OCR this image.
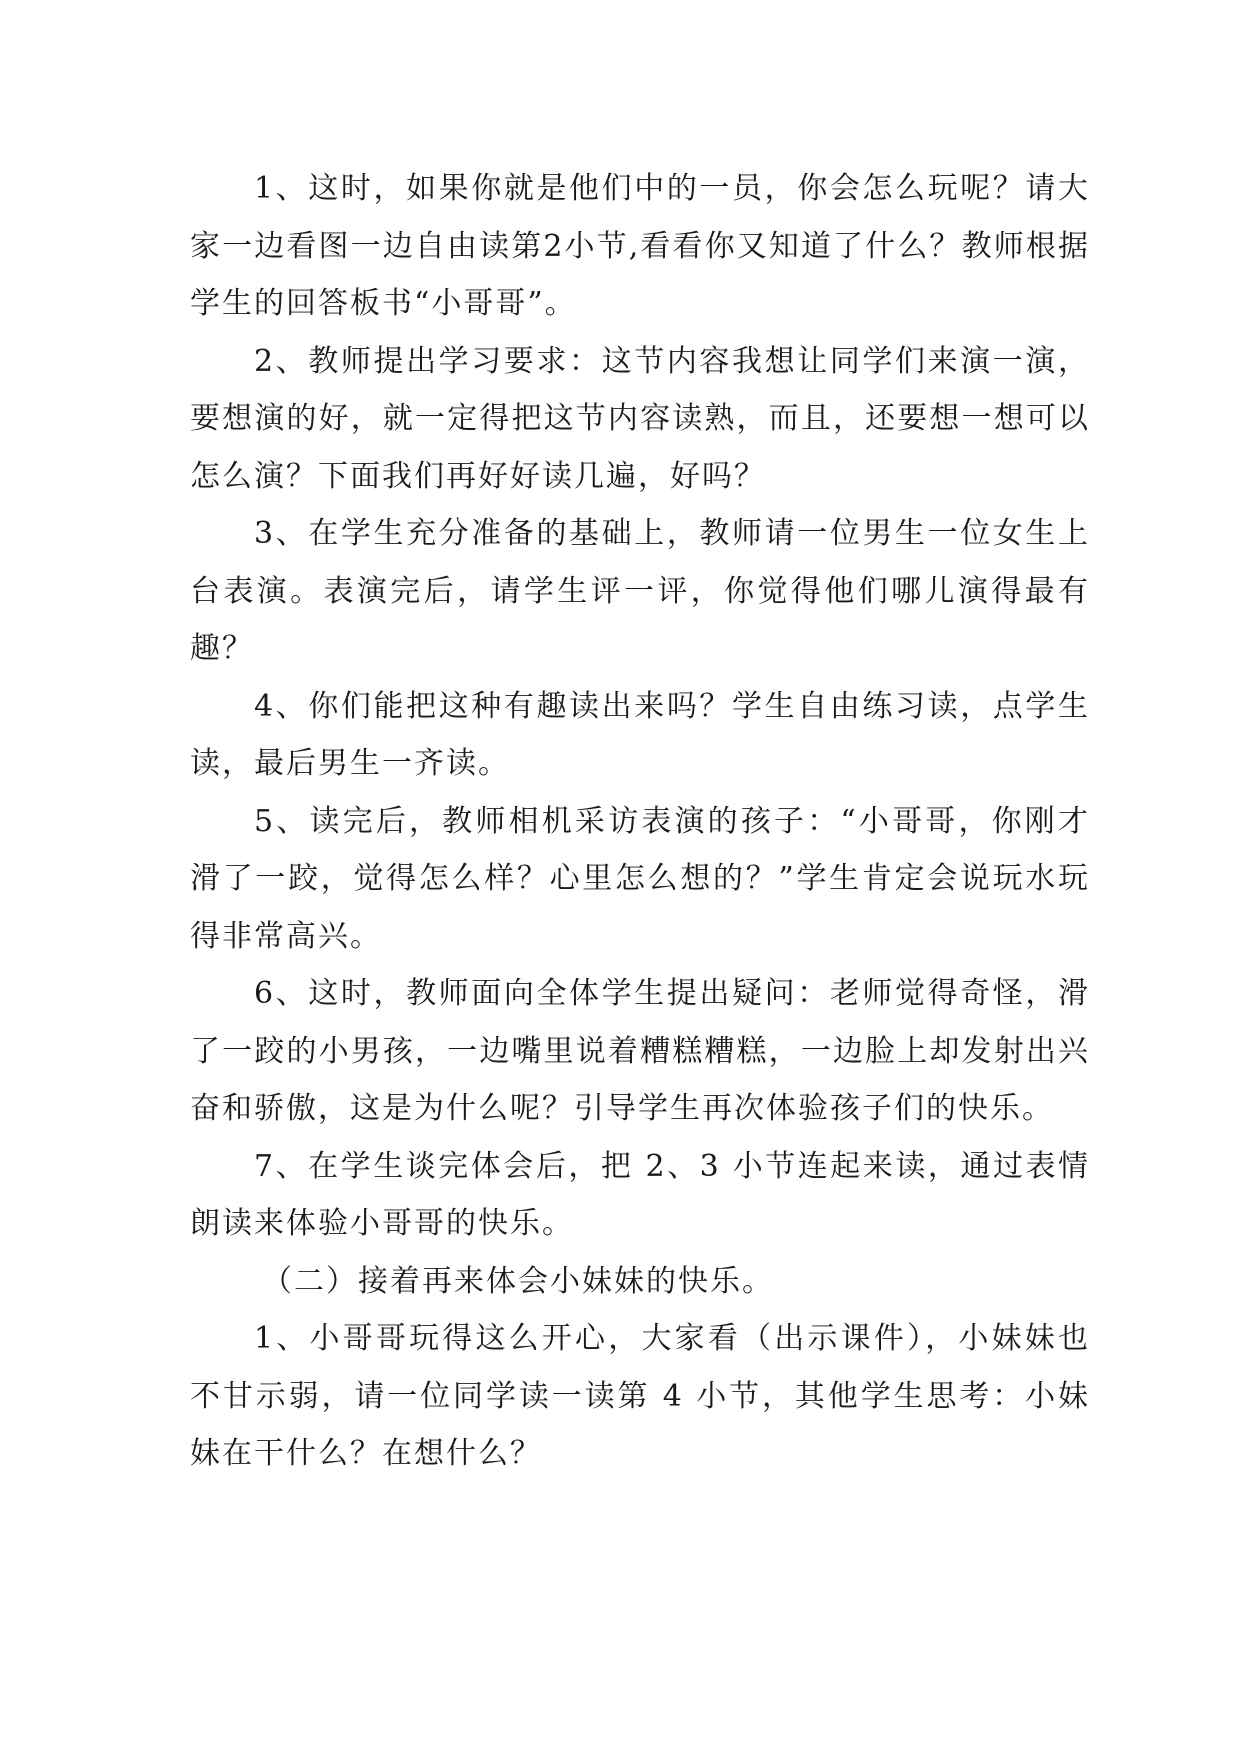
1、这时，如果你就是他们中的一员，你会怎么玩呢？请大家一边看图一边自由读第2小节,看看你又知道了什么？教师根据学生的回答板书“小哥哥”。

2、教师提出学习要求：这节内容我想让同学们来演一演，要想演的好，就一定得把这节内容读熟，而且，还要想一想可以怎么演？下面我们再好好读几遍，好吗？

3、在学生充分准备的基础上，教师请一位男生一位女生上台表演。表演完后，请学生评一评，你觉得他们哪儿演得最有趣？

4、你们能把这种有趣读出来吗？学生自由练习读，点学生读，最后男生一齐读。

5、读完后，教师相机采访表演的孩子：“小哥哥，你刚才滑了一跤，觉得怎么样？心里怎么想的？”学生肯定会说玩水玩得非常高兴。

6、这时，教师面向全体学生提出疑问：老师觉得奇怪，滑了一跤的小男孩，一边嘴里说着糟糕糟糕，一边脸上却发射出兴奋和骄傲，这是为什么呢？引导学生再次体验孩子们的快乐。

7、在学生谈完体会后，把 2、3 小节连起来读，通过表情朗读来体验小哥哥的快乐。

（二）接着再来体会小妹妹的快乐。

1、小哥哥玩得这么开心，大家看（出示课件），小妹妹也不甘示弱，请一位同学读一读第 4 小节，其他学生思考：小妹妹在干什么？在想什么？
